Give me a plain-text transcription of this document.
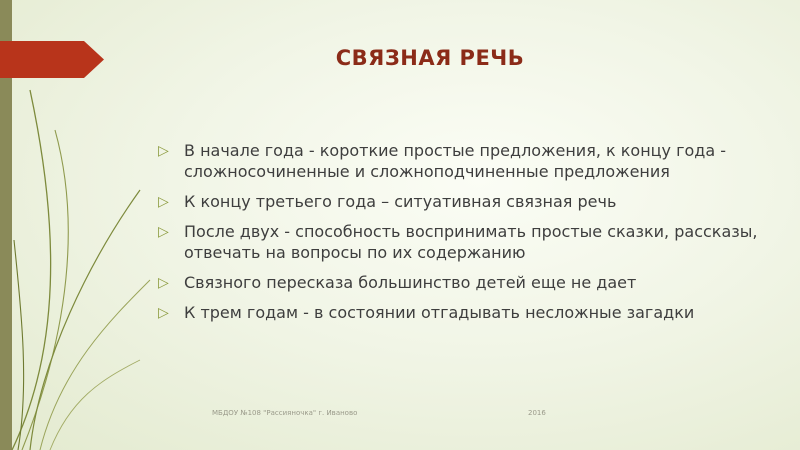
СВЯЗНАЯ РЕЧЬ
▷ В начале года - короткие простые предложения, к концу года - сложносочиненные и сложноподчиненные предложения
▷ К концу третьего года – ситуативная связная речь
▷ После двух - способность воспринимать простые сказки, рассказы, отвечать на вопросы по их содержанию
▷ Связного пересказа большинство детей еще не дает
▷ К трем годам - в состоянии отгадывать несложные загадки
МБДОУ №108 "Рассияночка" г. Иваново	2016
